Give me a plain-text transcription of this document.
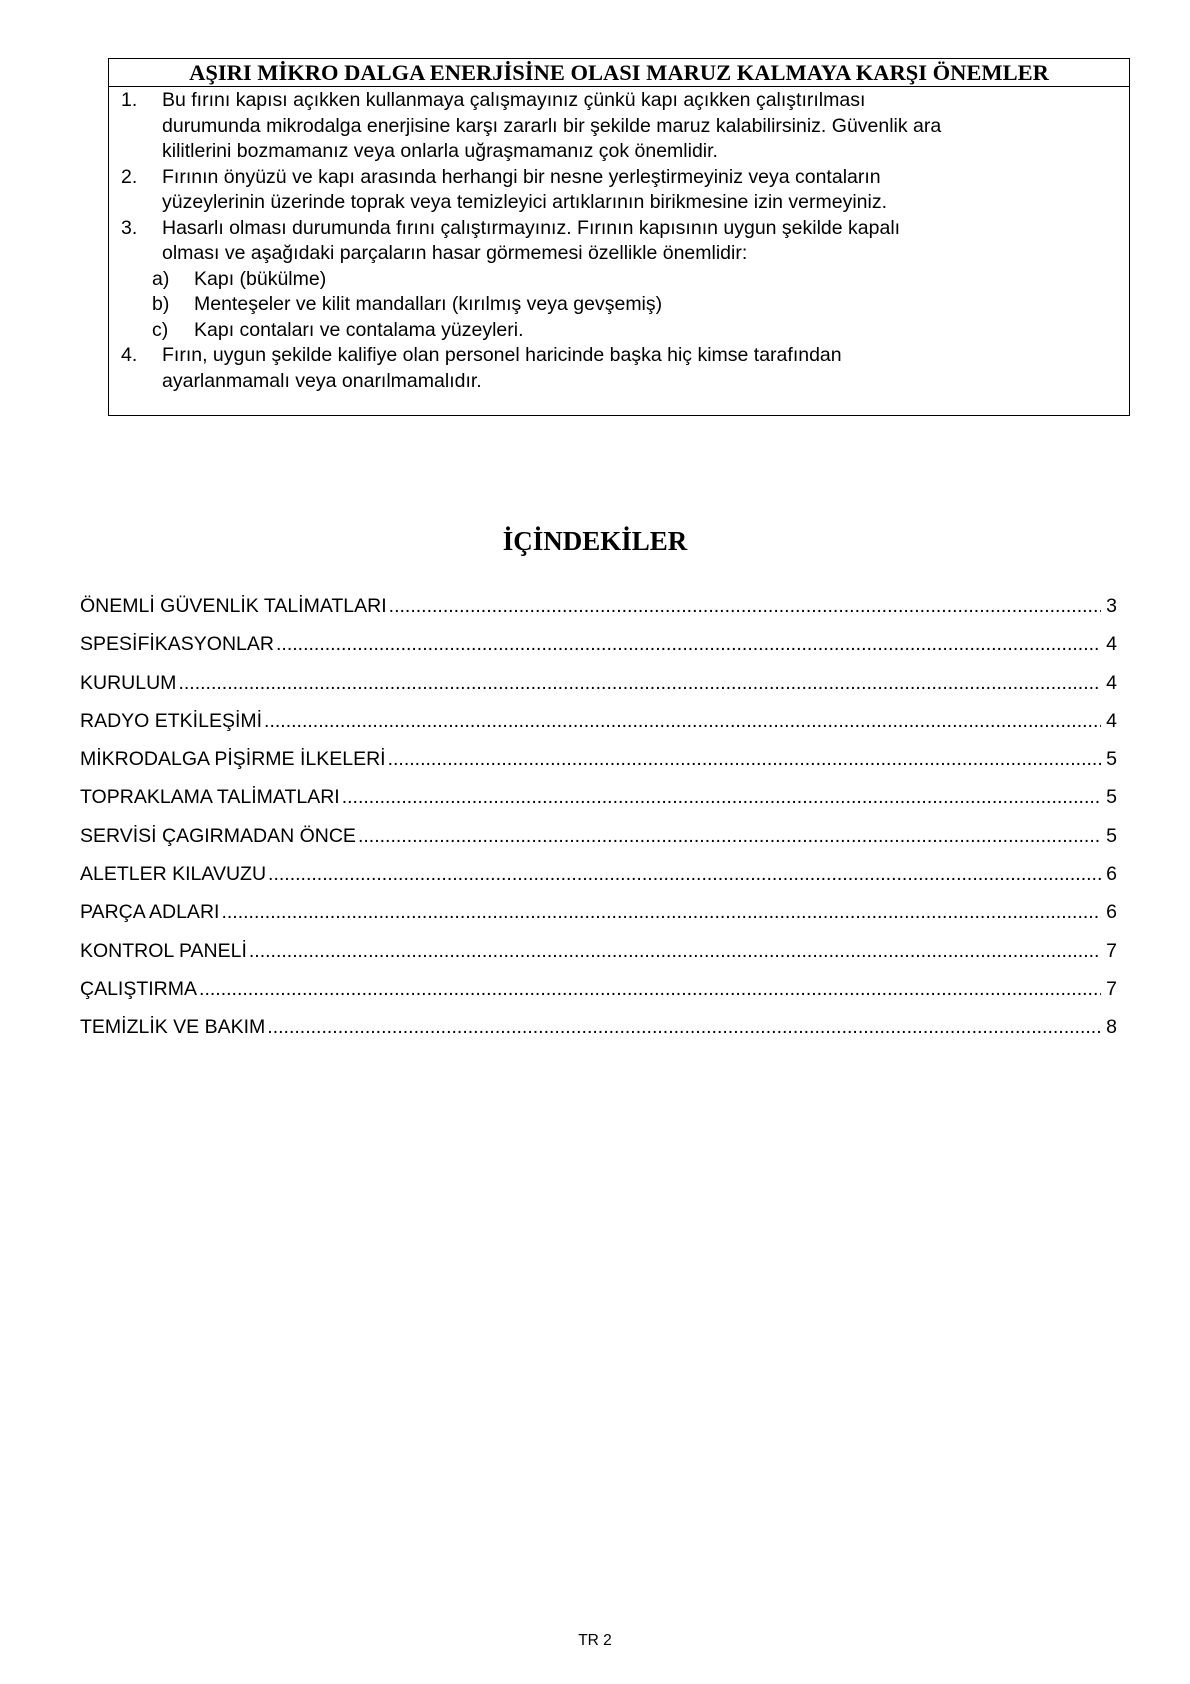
AŞIRI MİKRO DALGA ENERJİSİNE OLASI MARUZ KALMAYA KARŞI ÖNEMLER
1. Bu fırını kapısı açıkken kullanmaya çalışmayınız çünkü kapı açıkken çalıştırılması
durumunda mikrodalga enerjisine karşı zararlı bir şekilde maruz kalabilirsiniz. Güvenlik ara
kilitlerini bozmamanız veya onlarla uğraşmamanız çok önemlidir.
2. Fırının önyüzü ve kapı arasında herhangi bir nesne yerleştirmeyiniz veya contaların
yüzeylerinin üzerinde toprak veya temizleyici artıklarının birikmesine izin vermeyiniz.
3. Hasarlı olması durumunda fırını çalıştırmayınız. Fırının kapısının uygun şekilde kapalı
olması ve aşağıdaki parçaların hasar görmemesi özellikle önemlidir:
a) Kapı (bükülme)
b) Menteşeler ve kilit mandalları (kırılmış veya gevşemiş)
c) Kapı contaları ve contalama yüzeyleri.
4. Fırın, uygun şekilde kalifiye olan personel haricinde başka hiç kimse tarafından
ayarlanmamalı veya onarılmamalıdır.
İÇİNDEKİLER
ÖNEMLİ GÜVENLİK TALİMATLARI .....	3
SPESİFİKASYONLAR .....	4
KURULUM .....	4
RADYO ETKİLEŞİMİ .....	4
MİKRODALGA PİŞİRME İLKELERİ .....	5
TOPRAKLAMA TALİMATLARI .....	5
SERVİSİ ÇAGIRMADAN ÖNCE .....	5
ALETLER KILAVUZU .....	6
PARÇA ADLARI .....	6
KONTROL PANELİ .....	7
ÇALIŞTIRMA .....	7
TEMİZLİK VE BAKIM .....	8
TR 2
